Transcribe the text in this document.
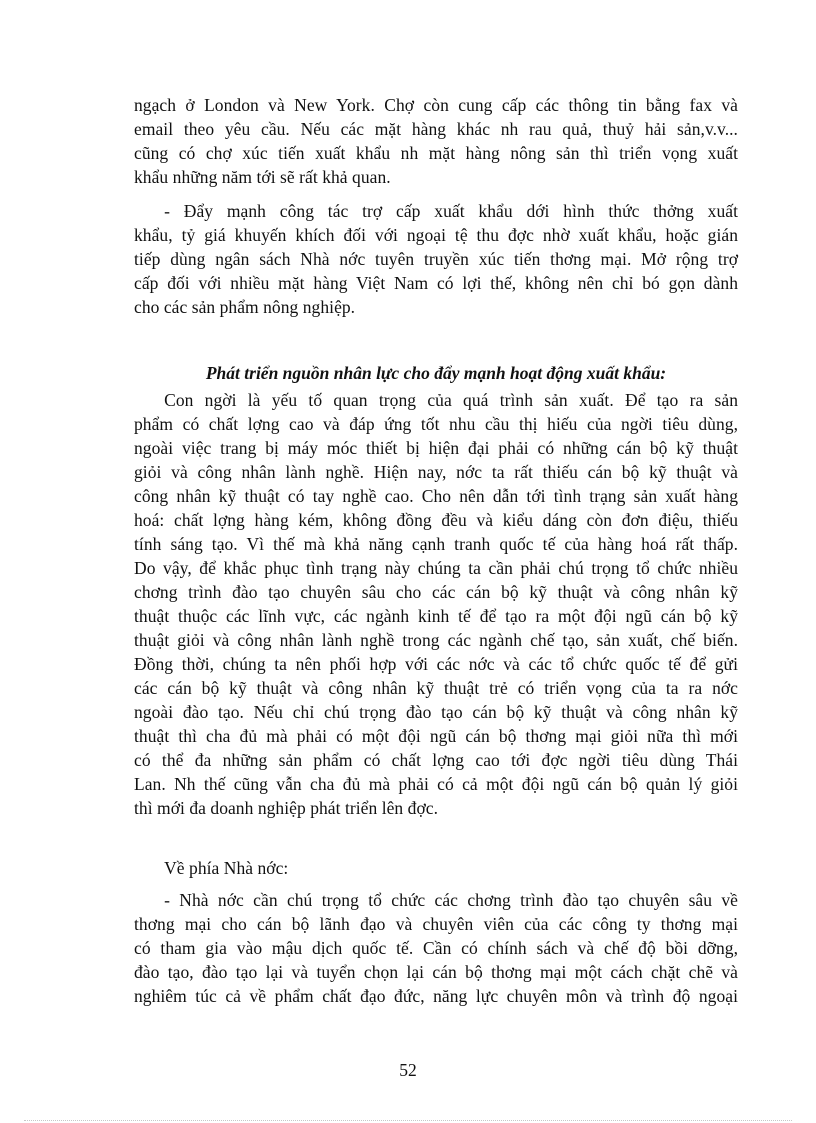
ngạch ở London và New York. Chợ còn cung cấp các thông tin bằng fax và
email theo yêu cầu. Nếu các mặt hàng khác nh rau quả, thuỷ hải sản,v.v...
cũng có chợ xúc tiến xuất khẩu nh mặt hàng nông sản thì triển vọng xuất
khẩu những năm tới sẽ rất khả quan.
- Đẩy mạnh công tác trợ cấp xuất khẩu dới hình thức thởng xuất
khẩu, tỷ giá khuyến khích đối với ngoại tệ thu đợc nhờ xuất khẩu, hoặc gián
tiếp dùng ngân sách Nhà nớc tuyên truyền xúc tiến thơng mại. Mở rộng trợ
cấp đối với nhiều mặt hàng Việt Nam có lợi thế, không nên chỉ bó gọn dành
cho các sản phẩm nông nghiệp.
Phát triển nguồn nhân lực cho đẩy mạnh hoạt động xuất khẩu:
Con ngời là yếu tố quan trọng của quá trình sản xuất. Để tạo ra sản
phẩm có chất lợng cao và đáp ứng tốt nhu cầu thị hiếu của ngời tiêu dùng,
ngoài việc trang bị máy móc thiết bị hiện đại phải có những cán bộ kỹ thuật
giỏi và công nhân lành nghề. Hiện nay, nớc ta rất thiếu cán bộ kỹ thuật và
công nhân kỹ thuật có tay nghề cao. Cho nên dẫn tới tình trạng sản xuất hàng
hoá: chất lợng hàng kém, không đồng đều và kiểu dáng còn đơn điệu, thiếu
tính sáng tạo. Vì thế mà khả năng cạnh tranh quốc tế của hàng hoá rất thấp.
Do vậy, để khắc phục tình trạng này chúng ta cần phải chú trọng tổ chức nhiều
chơng trình đào tạo chuyên sâu cho các cán bộ kỹ thuật và công nhân kỹ
thuật thuộc các lĩnh vực, các ngành kinh tế để tạo ra một đội ngũ cán bộ kỹ
thuật giỏi và công nhân lành nghề trong các ngành chế tạo, sản xuất, chế biến.
Đồng thời, chúng ta nên phối hợp với các nớc và các tổ chức quốc tế để gửi
các cán bộ kỹ thuật và công nhân kỹ thuật trẻ có triển vọng của ta ra nớc
ngoài đào tạo. Nếu chỉ chú trọng đào tạo cán bộ kỹ thuật và công nhân kỹ
thuật thì cha đủ mà phải có một đội ngũ cán bộ thơng mại giỏi nữa thì mới
có thể đa những sản phẩm có chất lợng cao tới đợc ngời tiêu dùng Thái
Lan. Nh thế cũng vẫn cha đủ mà phải có cả một đội ngũ cán bộ quản lý giỏi
thì mới đa doanh nghiệp phát triển lên đợc.
Về phía Nhà nớc:
- Nhà nớc cần chú trọng tổ chức các chơng trình đào tạo chuyên sâu về
thơng mại cho cán bộ lãnh đạo và chuyên viên của các công ty thơng mại
có tham gia vào mậu dịch quốc tế. Cần có chính sách và chế độ bồi dỡng,
đào tạo, đào tạo lại và tuyển chọn lại cán bộ thơng mại một cách chặt chẽ và
nghiêm túc cả về phẩm chất đạo đức, năng lực chuyên môn và trình độ ngoại
52
